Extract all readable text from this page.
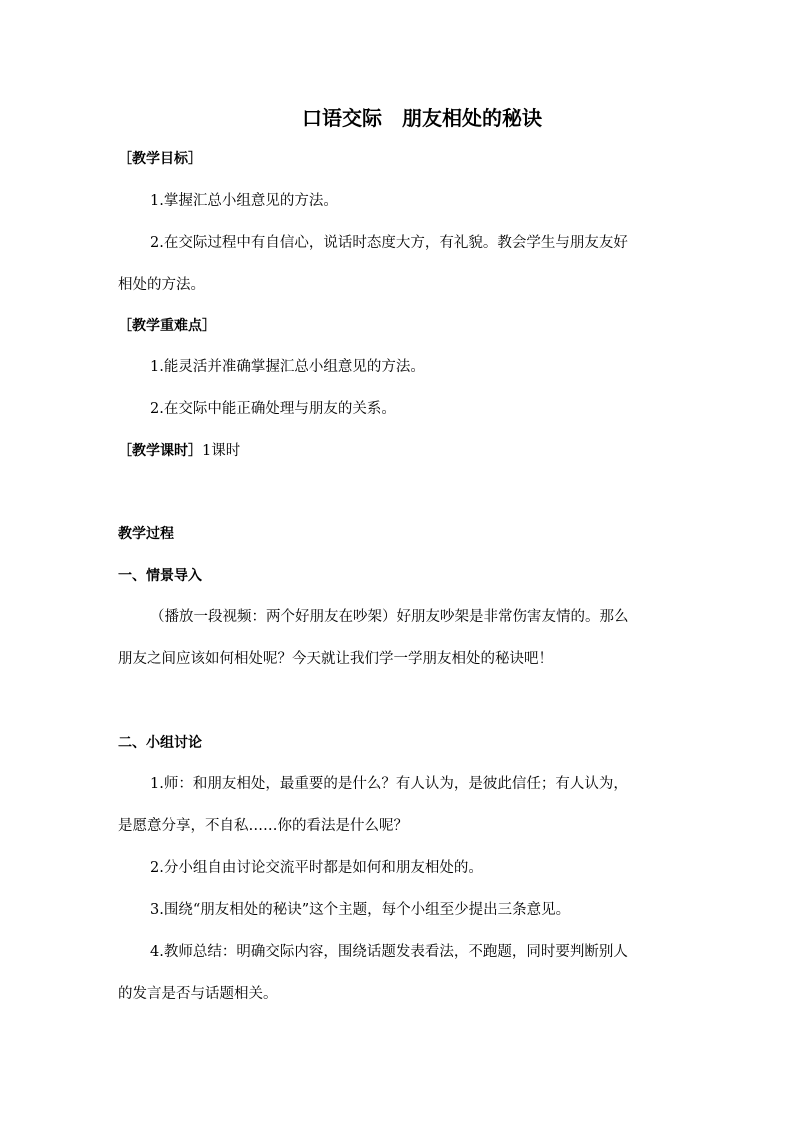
口语交际　朋友相处的秘诀
［教学目标］
1.掌握汇总小组意见的方法。
2.在交际过程中有自信心，说话时态度大方，有礼貌。教会学生与朋友友好
相处的方法。
［教学重难点］
1.能灵活并准确掌握汇总小组意见的方法。
2.在交际中能正确处理与朋友的关系。
［教学课时］1课时
教学过程
一、情景导入
（播放一段视频：两个好朋友在吵架）好朋友吵架是非常伤害友情的。那么
朋友之间应该如何相处呢？今天就让我们学一学朋友相处的秘诀吧！
二、小组讨论
1.师：和朋友相处，最重要的是什么？有人认为，是彼此信任；有人认为，
是愿意分享，不自私……你的看法是什么呢？
2.分小组自由讨论交流平时都是如何和朋友相处的。
3.围绕“朋友相处的秘诀”这个主题，每个小组至少提出三条意见。
4.教师总结：明确交际内容，围绕话题发表看法，不跑题，同时要判断别人
的发言是否与话题相关。
